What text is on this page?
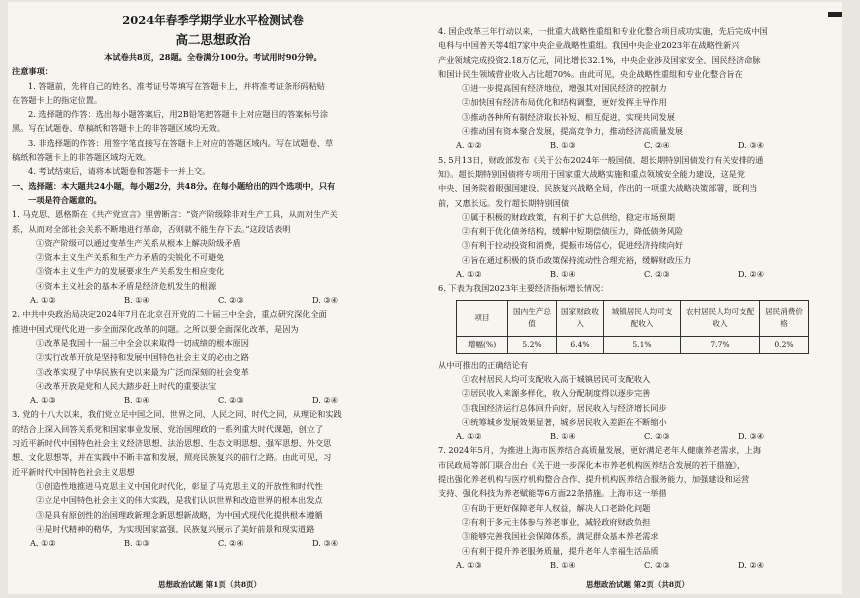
2024年春季学期学业水平检测试卷
高二思想政治
本试卷共8页，28题。全卷满分100分。考试用时90分钟。
注意事项：
1. 答题前，先将自己的姓名、准考证号等填写在答题卡上，并将准考证条形码粘贴
在答题卡上的指定位置。
2. 选择题的作答：选出每小题答案后，用2B铅笔把答题卡上对应题目的答案标号涂
黑。写在试题卷、草稿纸和答题卡上的非答题区域均无效。
3. 非选择题的作答：用签字笔直接写在答题卡上对应的答题区域内。写在试题卷、草
稿纸和答题卡上的非答题区域均无效。
4. 考试结束后，请将本试题卷和答题卡一并上交。
一、选择题：本大题共24小题，每小题2分，共48分。在每小题给出的四个选项中，只有
一项是符合题意的。
1. 马克思、恩格斯在《共产党宣言》里曾断言：“资产阶级除非对生产工具，从而对生产关
系，从而对全部社会关系不断地进行革命，否则就不能生存下去。”这段话表明
①资产阶级可以通过变革生产关系从根本上解决阶级矛盾
②资本主义生产关系和生产力矛盾的尖锐化不可避免
③资本主义生产力的发展要求生产关系发生相应变化
④资本主义社会的基本矛盾是经济危机发生的根源
A. ①②	B. ①④	C. ②③	D. ③④
2. 中共中央政治局决定2024年7月在北京召开党的二十届三中全会，重点研究深化全面
推进中国式现代化进一步全面深化改革的问题。之所以要全面深化改革，是因为
①改革是我国十一届三中全会以来取得一切成绩的根本原因
②实行改革开放是坚持和发展中国特色社会主义的必由之路
③改革实现了中华民族有史以来最为广泛而深刻的社会变革
④改革开放是党和人民大踏步赶上时代的重要法宝
A. ①③	B. ①④	C. ②③	D. ②④
3. 党的十八大以来，我们党立足中国之同、世界之同、人民之同、时代之同，从理论和实践
的结合上深入回答关系党和国家事业发展、党治国理政的一系列重大时代课题，创立了
习近平新时代中国特色社会主义经济思想、法治思想、生态文明思想、强军思想、外交思
想、文化思想等，并在实践中不断丰富和发展，照亮民族复兴的前行之路。由此可见，习
近平新时代中国特色社会主义思想
①创造性地推进马克思主义中国化时代化，彰显了马克思主义的开放性和时代性
②立足中国特色社会主义的伟大实践，是我们认识世界和改造世界的根本出发点
③是具有原创性的治国理政新理念新思想新战略，为中国式现代化提供根本遵循
④是时代精神的精华，为实现国家富强、民族复兴展示了美好前景和现实道路
A. ①②	B. ①③	C. ②④	D. ③④
4. 国企改革三年行动以来，一批重大战略性重组和专业化整合项目成功实施，先后完成中国
电科与中国普天等4组7家中央企业战略性重组。我国中央企业2023年在战略性新兴
产业领域完成投资2.18万亿元，同比增长32.1%，中央企业涉及国家安全、国民经济命脉
和国计民生领域营业收入占比超70%。由此可见，央企战略性重组和专业化整合旨在
①进一步提高国有经济地位，增强其对国民经济的控制力
②加快国有经济布局优化和结构调整，更好发挥主导作用
③推动各种所有制经济取长补短、相互促进，实现共同发展
④推动国有资本聚合发展，提高竞争力，推动经济高质量发展
A. ①②	B. ①③	C. ②④	D. ③④
5. 5月13日，财政部发布《关于公布2024年一般国债、超长期特别国债发行有关安排的通
知》。超长期特别国债将专项用于国家重大战略实施和重点领域安全能力建设，这是党
中央、国务院着眼强国建设、民族复兴战略全局，作出的一项重大战略决策部署，既利当
前，又惠长远。发行超长期特别国债
①属于积极的财政政策，有利于扩大总供给，稳定市场预期
②有利于优化债务结构，缓解中短期偿债压力，降低债务风险
③有利于拉动投资和消费，提振市场信心，促进经济持续向好
④旨在通过积极的货币政策保持流动性合理充裕，缓解财政压力
A. ①②	B. ①④	C. ②③	D. ②④
6. 下表为我国2023年主要经济指标增长情况：
项目	国内生产总值	国家财政收入	城镇居民人均可支配收入	农村居民人均可支配收入	居民消费价格
增幅(%)	5.2%	6.4%	5.1%	7.7%	0.2%
从中可推出的正确结论有
①农村居民人均可支配收入高于城镇居民可支配收入
②居民收入来源多样化，收入分配制度得以逐步完善
③我国经济运行总体回升向好，居民收入与经济增长同步
④统筹城乡发展效果显著，城乡居民收入差距在不断缩小
A. ①②	B. ①④	C. ②③	D. ③④
7. 2024年5月，为推进上海市医养结合高质量发展，更好满足老年人健康养老需求，上海
市民政局等部门联合出台《关于进一步深化本市养老机构医养结合发展的若干措施》，
提出强化养老机构与医疗机构整合合作、提升机构医养结合服务能力、加强建设和运营
支持、强化科技为养老赋能等6方面22条措施。上海市这一举措
①有助于更好保障老年人权益，解决人口老龄化问题
②有利于多元主体参与养老事业，减轻政府财政负担
③能够完善我国社会保障体系，满足群众基本养老需求
④有利于提升养老服务质量，提升老年人幸福生活品质
A. ①③	B. ①④	C. ②③	D. ②④
思想政治试题 第1页（共8页）	思想政治试题 第2页（共8页）
